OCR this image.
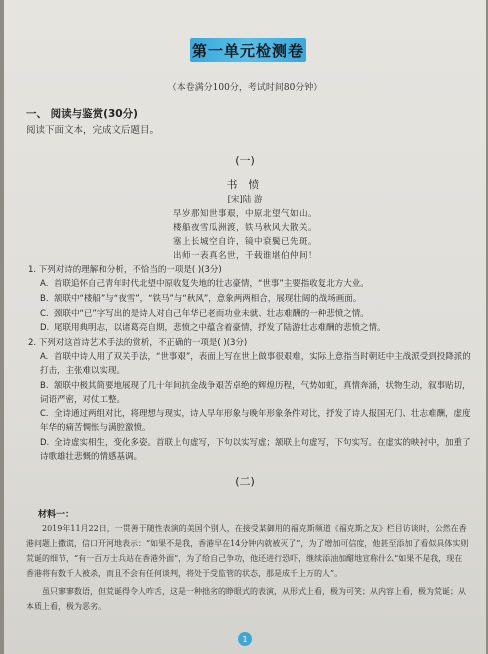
第一单元检测卷
（本卷满分100分，考试时间80分钟）
一、 阅读与鉴赏(30分)
阅读下面文本，完成文后题目。
(一)
书 愤
[宋]陆 游
早岁那知世事艰，中原北望气如山。
楼船夜雪瓜洲渡，铁马秋风大散关。
塞上长城空自许，镜中衰鬓已先斑。
出师一表真名世，千载谁堪伯仲间！
1. 下列对诗的理解和分析，不恰当的一项是( )(3分)
A. 首联追怀自己青年时代北望中原收复失地的壮志豪情，“世事”主要指收复北方大业。
B. 颔联中“楼船”与“夜雪”，“铁马”与“秋风”，意象两两相合，展现壮阔的战场画面。
C. 颈联中“已”字写出的是诗人对自己年华已老而功业未就、壮志难酬的一种悲愤之情。
D. 尾联用典明志，以诸葛亮自期，悲愤之中蕴含着豪情，抒发了陆游壮志难酬的悲愤之情。
2. 下列对这首诗艺术手法的赏析，不正确的一项是( )(3分)
A. 首联中诗人用了双关手法，“世事艰”，表面上写在世上做事很艰难，实际上意指当时朝廷中主战派受到投降派的打击，主张难以实现。
B. 颔联中极其简要地展现了几十年间抗金战争艰苦卓绝的辉煌历程，气势如虹，真情奔涌，状物生动，叙事贴切，词语严密，对仗工整。
C. 全诗通过两组对比，将理想与现实，诗人早年形象与晚年形象条件对比，抒发了诗人报国无门、壮志难酬，虚度年华的痛苦惆怅与满腔激愤。
D. 全诗虚实相生，变化多姿。首联上句虚写，下句以实写虚；颔联上句虚写，下句实写。在虚实的映衬中，加重了诗歌雄壮悲慨的情感基调。
(二)
材料一：
2019年11月22日，一贯善于随性表演的美国个别人，在接受某御用的福克斯频道《福克斯之友》栏目访谈时，公然在香港问题上撒谎，信口开河地表示：“如果不是我，香港早在14分钟内就被灭了”，为了增加可信度，他甚至添加了看似具体实则荒诞的细节，“有一百万士兵站在香港外面”，为了给自己争功，他还进行恐吓，继续添油加醋地宣称什么“如果不是我，现在香港将有数千人被杀，而且不会有任何谈判，将处于受监管的状态，那是成千上万的人”。
虽只寥寥数语，但荒诞得令人咋舌，这是一种拙劣的睁眼式的表演，从形式上看，极为可笑；从内容上看，极为荒诞；从本质上看，极为恶劣。
1
